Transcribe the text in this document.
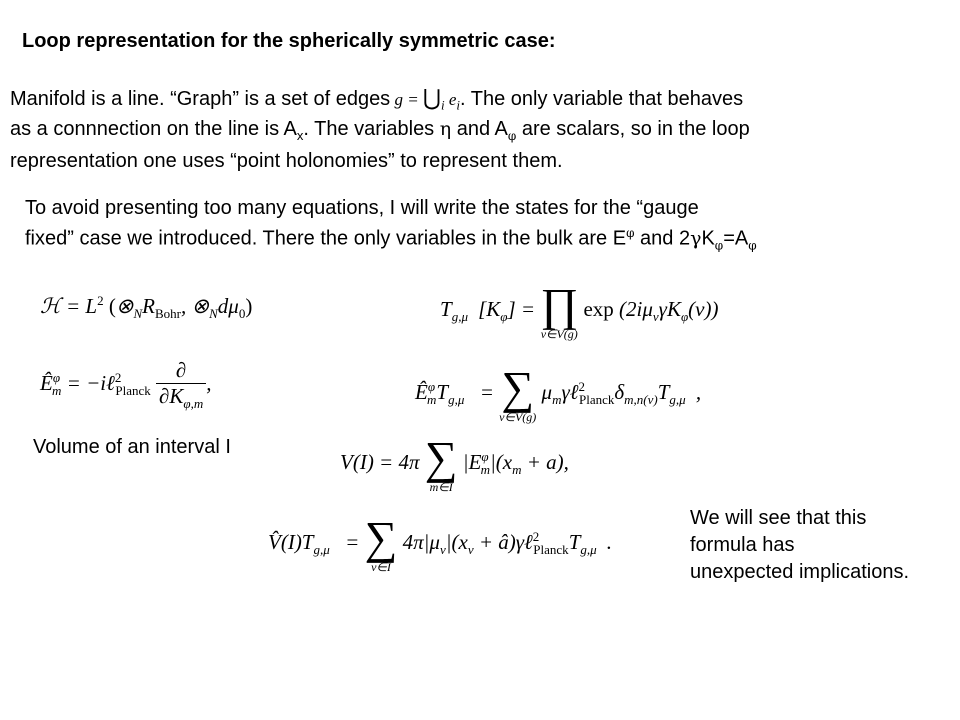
Loop representation for the spherically symmetric case:
Manifold is a line. “Graph” is a set of edges $g = ⋃_i$ $e_i$. The only variable that behaves
as a connnection on the line is $A_x$. The variables η and $A_\varphi$ are scalars, so in the loop
representation one uses “point holonomies” to represent them.
To avoid presenting too many equations, I will write the states for the “gauge
fixed” case we introduced. There the only variables in the bulk are $E^\varphi$ and $2\gamma K_\varphi=A_\varphi$
ℋ = $L^2$ ($\otimes_NR_{Bohr}$, $\otimes_Nd\mu_0$)	$T_{g,\mu⃗}[K_\varphi]$ = ∏
v∈V(g)
$\exp (2i\mu_v\gamma K_\varphi(v))$
Ê$^\varphi_m$ = −iℓ$^2_{Planck}$ $\frac{\partial}{\partial K_{\varphi,m}}$ ,	$Ê^\varphi_mT_{g,\mu⃗}$ = ∑
v∈V(g)
$\mu_m\gamma\ell^2_{Planck}\delta_{m,n(v)}T_{g,\mu⃗}$,
Volume of an interval I
V(I) = 4π ∑
m∈I
$|E^\varphi_m|(x_m + a)$,
$V̂(I)T_{g,\mu⃗}$ = ∑
v∈I
$4\pi|\mu_v|(x_v$ + $â)\gamma\ell^2_{Planck}T_{g,\mu⃗}$.
We will see that this
formula has
unexpected implications.
